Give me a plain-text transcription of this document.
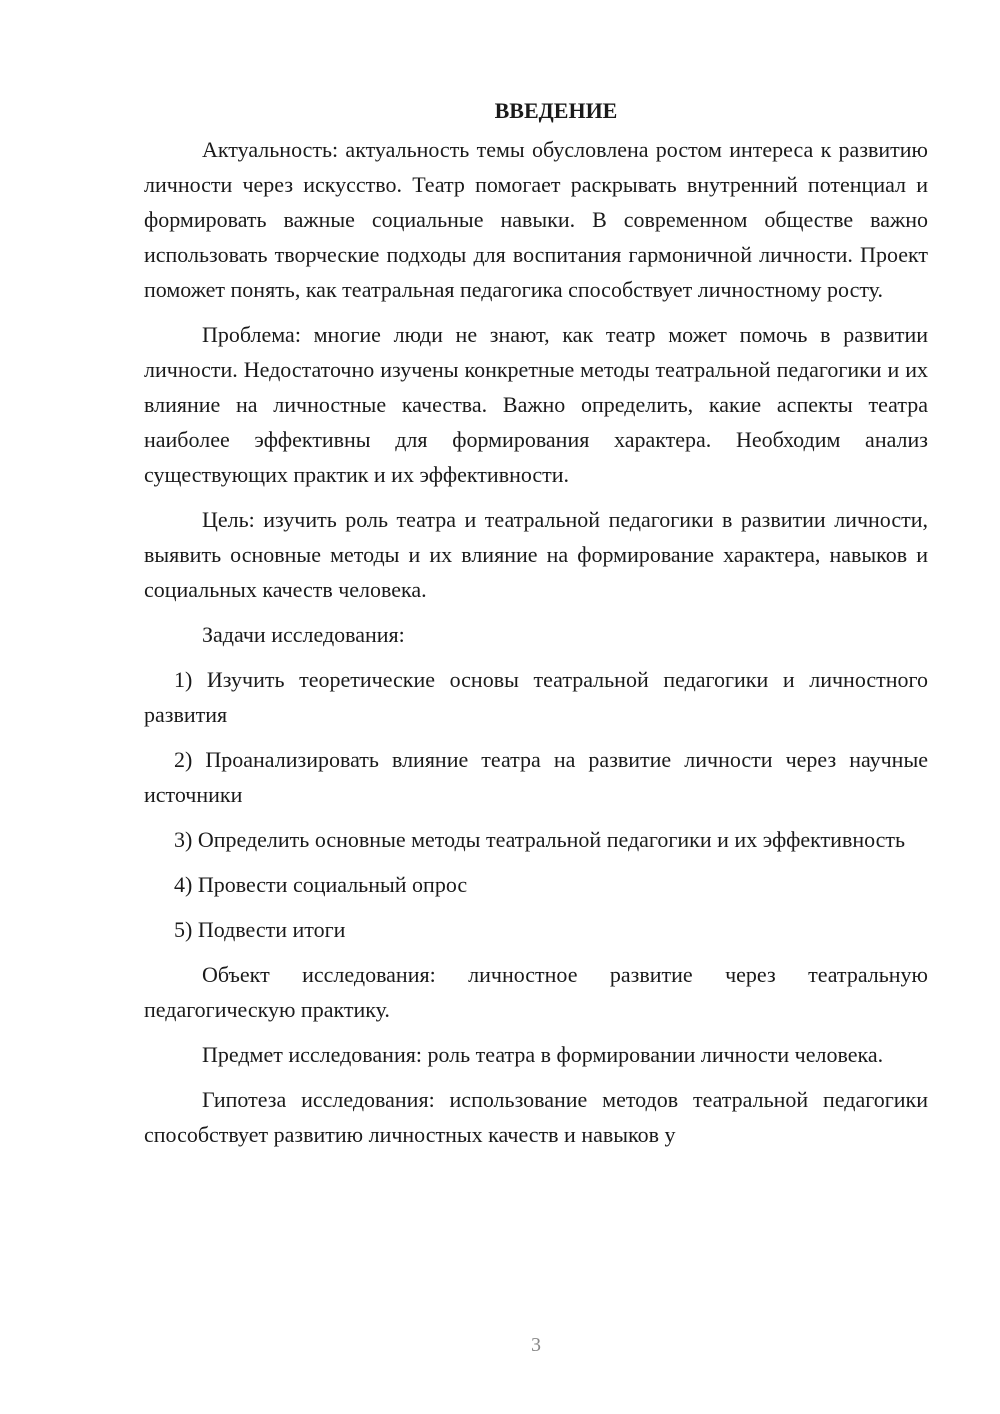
ВВЕДЕНИЕ

Актуальность: актуальность темы обусловлена ростом интереса к развитию личности через искусство. Театр помогает раскрывать внутренний потенциал и формировать важные социальные навыки. В современном обществе важно использовать творческие подходы для воспитания гармоничной личности. Проект поможет понять, как театральная педагогика способствует личностному росту.

Проблема: многие люди не знают, как театр может помочь в развитии личности. Недостаточно изучены конкретные методы театральной педагогики и их влияние на личностные качества. Важно определить, какие аспекты театра наиболее эффективны для формирования характера. Необходим анализ существующих практик и их эффективности.

Цель: изучить роль театра и театральной педагогики в развитии личности, выявить основные методы и их влияние на формирование характера, навыков и социальных качеств человека.

Задачи исследования:

1) Изучить теоретические основы театральной педагогики и личностного развития

2) Проанализировать влияние театра на развитие личности через научные источники

3) Определить основные методы театральной педагогики и их эффективность

4) Провести социальный опрос

5) Подвести итоги

Объект исследования: личностное развитие через театральную педагогическую практику.

Предмет исследования: роль театра в формировании личности человека.

Гипотеза исследования: использование методов театральной педагогики способствует развитию личностных качеств и навыков у

3
